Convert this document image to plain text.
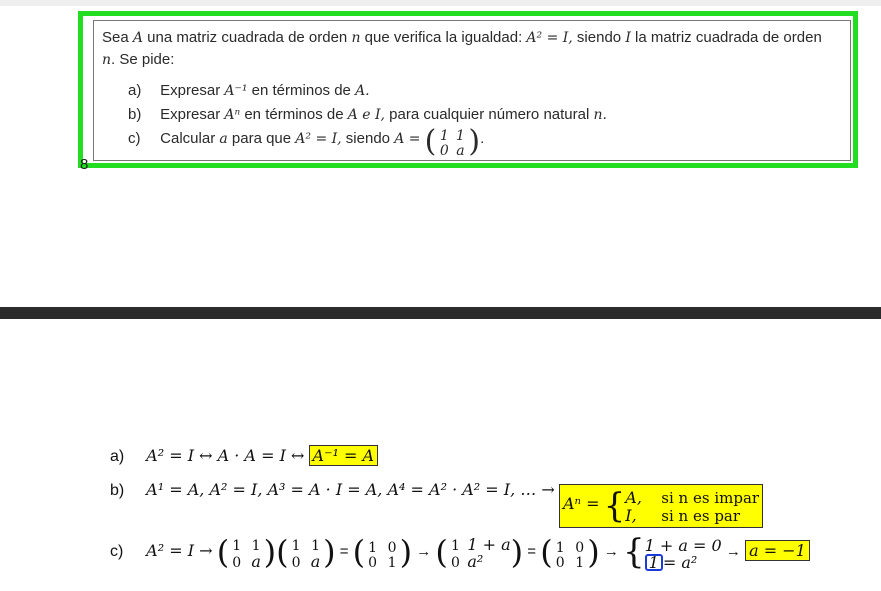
8
Sea A una matriz cuadrada de orden n que verifica la igualdad: A² = I, siendo I la matriz cuadrada de orden
n. Se pide:
a) Expresar A⁻¹ en términos de A.
b) Expresar Aⁿ en términos de A e I, para cualquier número natural n.
c) Calcular a para que A² = I, siendo A = ( 1 1
0 a ).
a) A² = I ↔ A · A = I ↔ A⁻¹ = A
b) A¹ = A, A² = I, A³ = A · I = A, A⁴ = A² · A² = I, … → Aⁿ = { A, si n es impar
I, si n es par
c) A² = I → ( 1 1
0 a )( 1 1
0 a ) = ( 1 0
0 1 ) → ( 1 1 + a
0 a² ) = ( 1 0
0 1 ) → { 1 + a = 0
1 = a²
→ a = −1
